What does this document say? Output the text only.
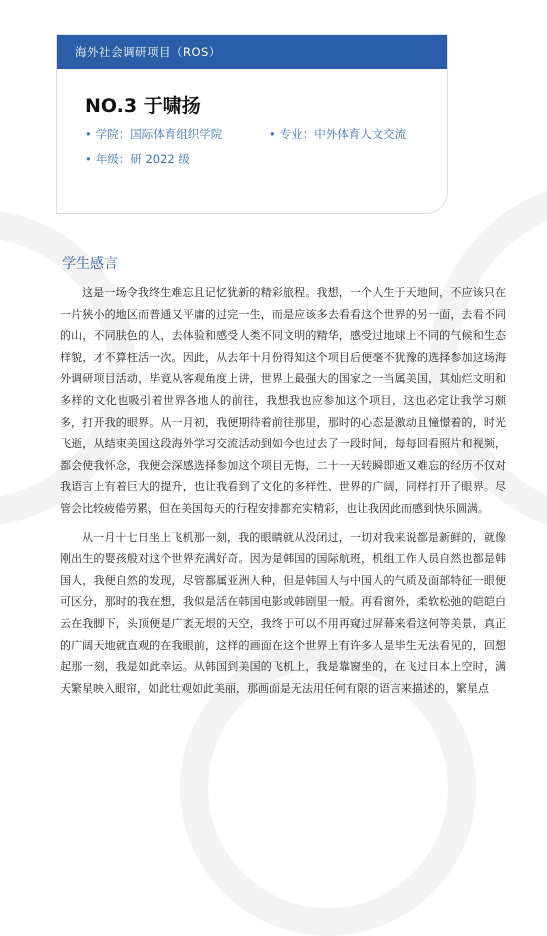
海外社会调研项目（ROS）
NO.3 于啸扬
• 学院：国际体育组织学院	• 专业：中外体育人文交流
• 年级：研 2022 级
学生感言

这是一场令我终生难忘且记忆犹新的精彩旅程。我想，一个人生于天地间，不应该只在一片狭小的地区而普通又平庸的过完一生，而是应该多去看看这个世界的另一面，去看不同的山，不同肤色的人，去体验和感受人类不同文明的精华，感受过地球上不同的气候和生态样貌，才不算枉活一次。因此，从去年十月份得知这个项目后便毫不犹豫的选择参加这场海外调研项目活动，毕竟从客观角度上讲，世界上最强大的国家之一当属美国，其灿烂文明和多样的文化也吸引着世界各地人的前往，我想我也应参加这个项目，这也必定让我学习颇多，打开我的眼界。从一月初，我便期待着前往那里，那时的心态是激动且憧憬着的，时光飞逝，从结束美国这段海外学习交流活动到如今也过去了一段时间，每每回看照片和视频，都会使我怀念，我便会深感选择参加这个项目无悔，二十一天转瞬即逝又难忘的经历不仅对我语言上有着巨大的提升，也让我看到了文化的多样性、世界的广阔，同样打开了眼界。尽管会比较疲倦劳累，但在美国每天的行程安排都充实精彩，也让我因此而感到快乐圆满。

从一月十七日坐上飞机那一刻，我的眼睛就从没闭过，一切对我来说都是新鲜的，就像刚出生的婴孩般对这个世界充满好奇。因为是韩国的国际航班，机组工作人员自然也都是韩国人，我便自然的发现，尽管都属亚洲人种，但是韩国人与中国人的气质及面部特征一眼便可区分，那时的我在想，我似是活在韩国电影或韩剧里一般。再看窗外，柔软松弛的皑皑白云在我脚下，头顶便是广袤无垠的天空，我终于可以不用再窥过屏幕来看这何等美景，真正的广阔天地就直观的在我眼前，这样的画面在这个世界上有许多人是毕生无法看见的，回想起那一刻，我是如此幸运。从韩国到美国的飞机上，我是靠窗坐的，在飞过日本上空时，满天繁星映入眼帘，如此壮观如此美丽，那画面是无法用任何有限的语言来描述的，繁星点
